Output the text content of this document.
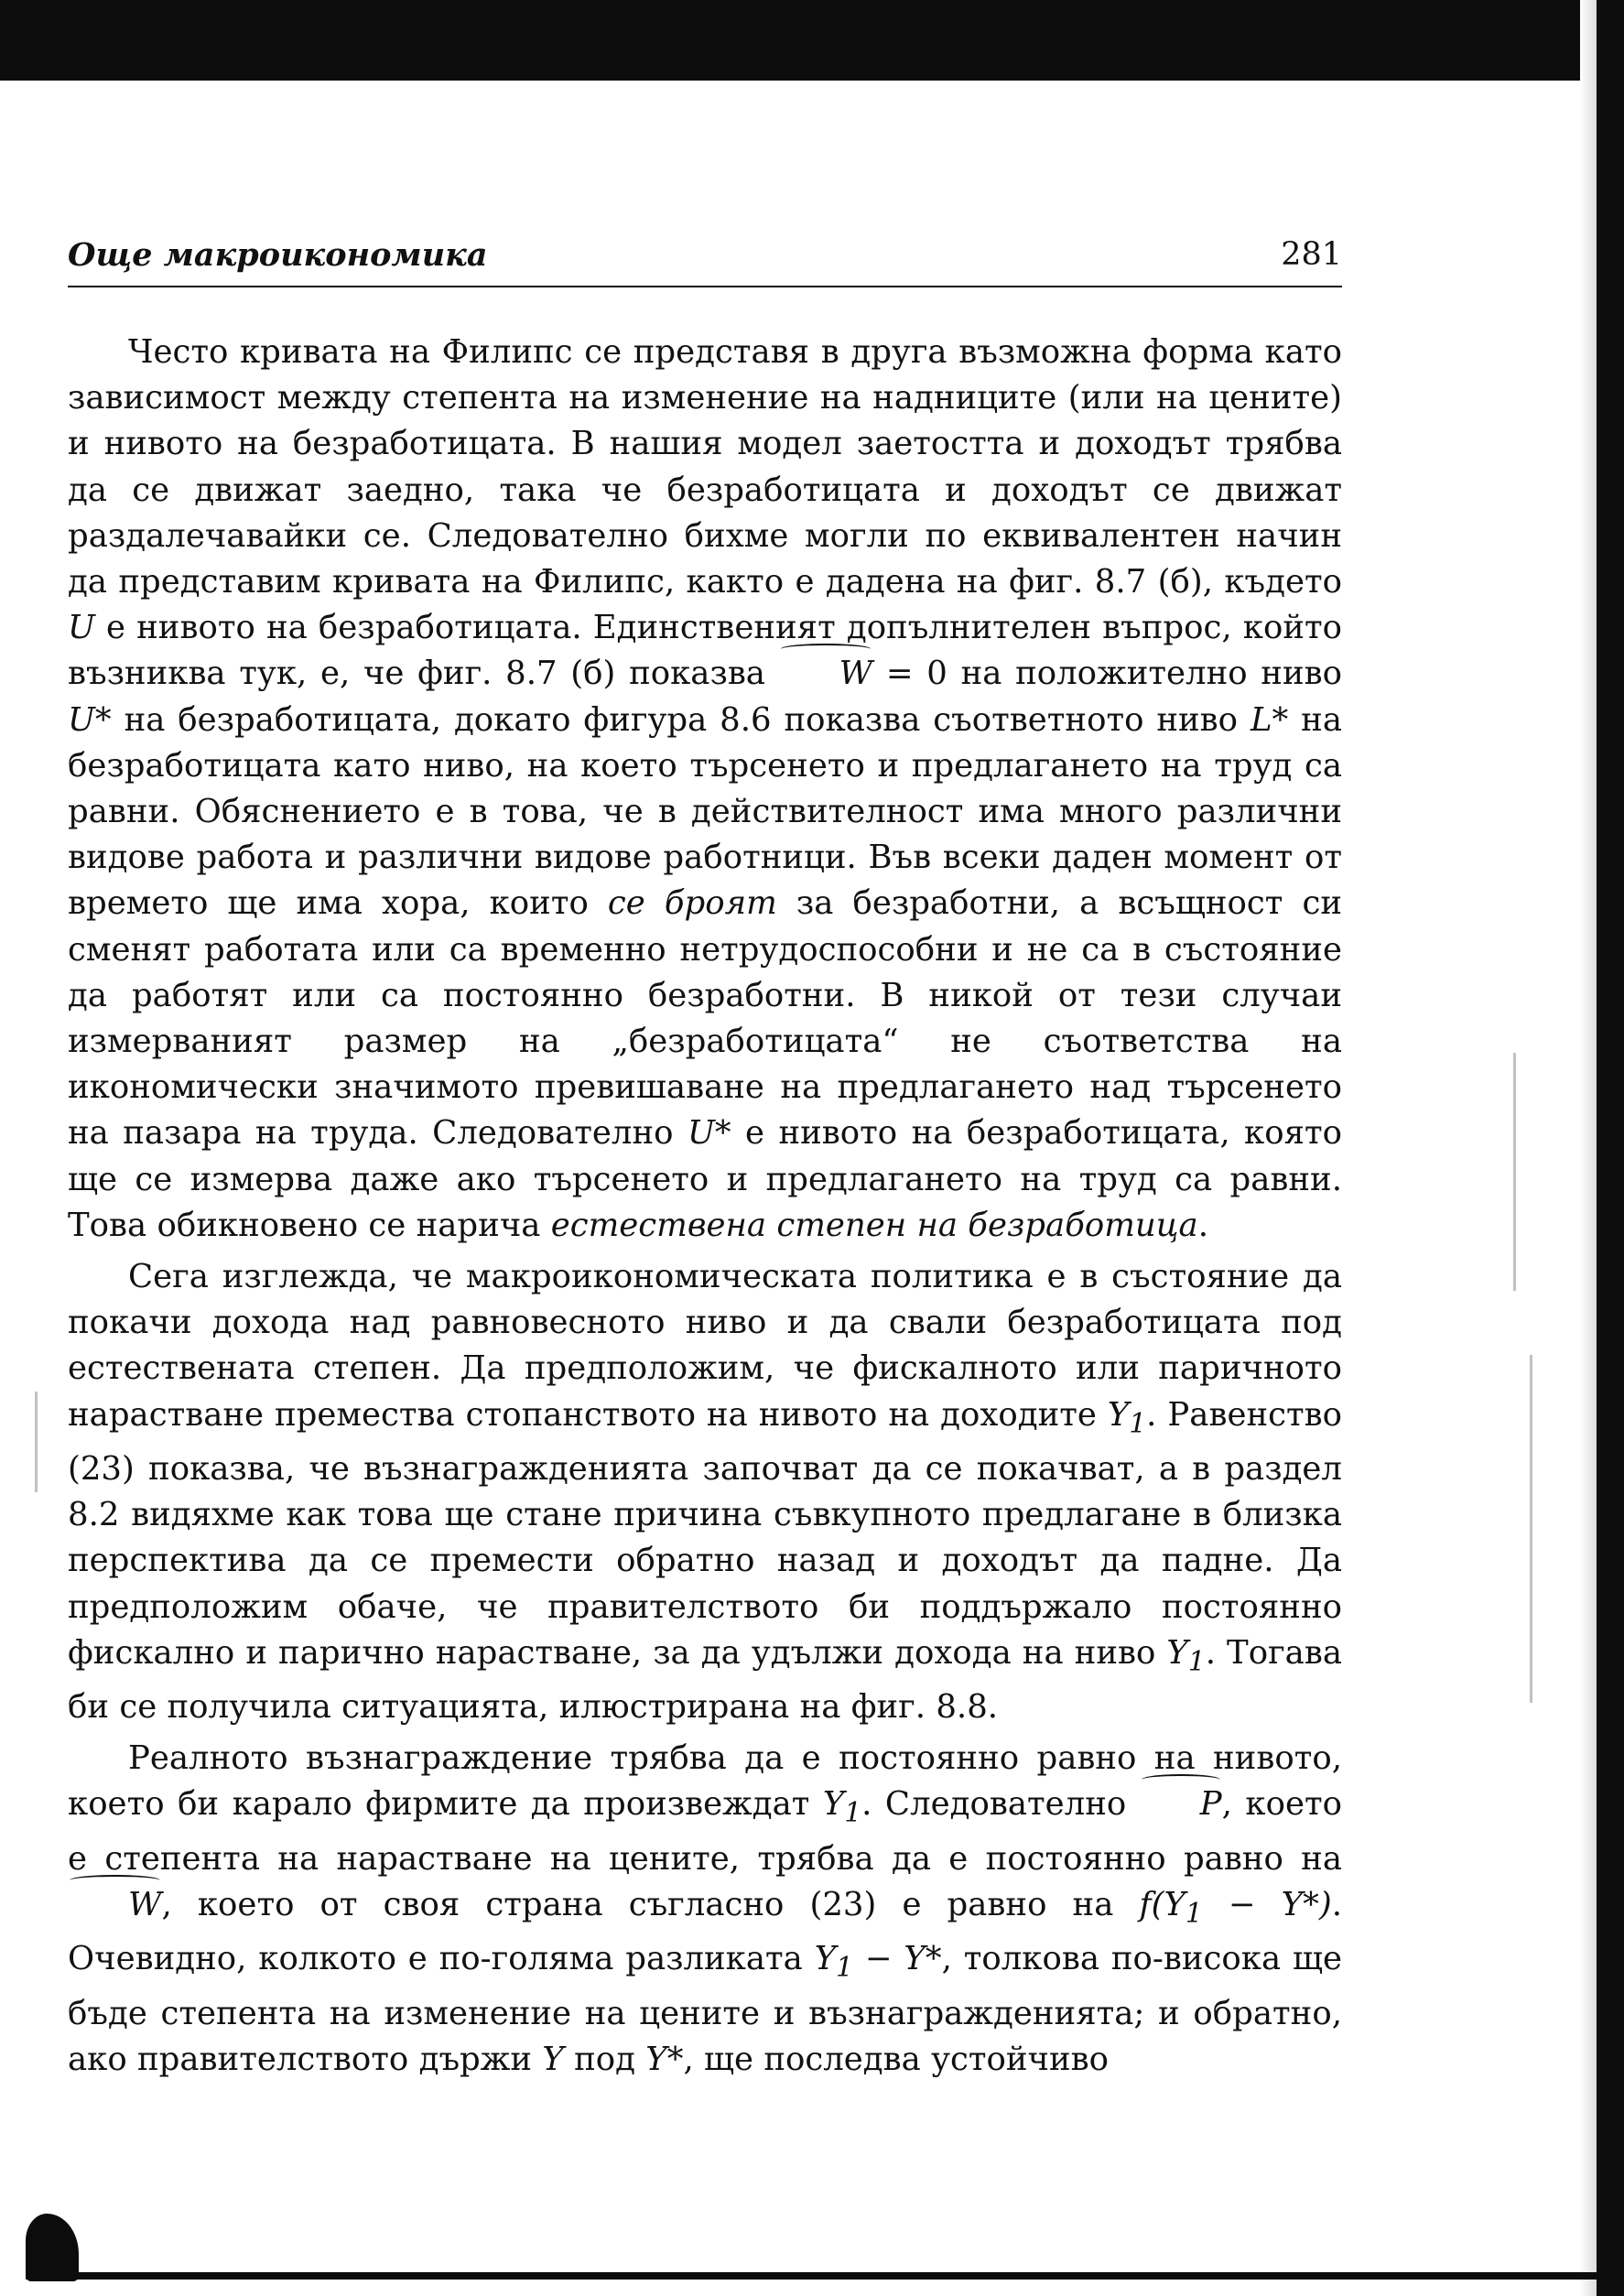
Още макроикономика	281

Често кривата на Филипс се представя в друга възможна форма като зависимост между степента на изменение на надниците (или на цените) и нивото на безработицата. В нашия модел заетостта и доходът трябва да се движат заедно, така че безработицата и доходът се движат раздалечавайки се. Следователно бихме могли по еквивалентен начин да представим кривата на Филипс, както е дадена на фиг. 8.7 (б), където U е нивото на безработицата. Единственият допълнителен въпрос, който възниква тук, е, че фиг. 8.7 (б) показва W = 0 на положително ниво U* на безработицата, докато фигура 8.6 показва съответното ниво L* на безработицата като ниво, на което търсенето и предлагането на труд са равни. Обяснението е в това, че в действителност има много различни видове работа и различни видове работници. Във всеки даден момент от времето ще има хора, които се броят за безработни, а всъщност си сменят работата или са временно нетрудоспособни и не са в състояние да работят или са постоянно безработни. В никой от тези случаи измерваният размер на „безработицата“ не съответства на икономически значимото превишаване на предлагането над търсенето на пазара на труда. Следователно U* е нивото на безработицата, която ще се измерва даже ако търсенето и предлагането на труд са равни. Това обикновено се нарича естествена степен на безработица.

Сега изглежда, че макроикономическата политика е в състояние да покачи дохода над равновесното ниво и да свали безработицата под естествената степен. Да предположим, че фискалното или паричното нарастване премества стопанството на нивото на доходите $Y_1$. Равенство (23) показва, че възнагражденията започват да се покачват, а в раздел 8.2 видяхме как това ще стане причина съвкупното предлагане в близка перспектива да се премести обратно назад и доходът да падне. Да предположим обаче, че правителството би поддържало постоянно фискално и парично нарастване, за да удължи дохода на ниво $Y_1$. Тогава би се получила ситуацията, илюстрирана на фиг. 8.8.

Реалното възнаграждение трябва да е постоянно равно на нивото, което би карало фирмите да произвеждат $Y_1$. Следователно P, което е степента на нарастване на цените, трябва да е постоянно равно на W, което от своя страна съгласно (23) е равно на $f(Y_1 - Y*)$. Очевидно, колкото е по-голяма разликата $Y_1 - Y*$, толкова по-висока ще бъде степента на изменение на цените и възнагражденията; и обратно, ако правителството държи Y под Y*, ще последва устойчиво
